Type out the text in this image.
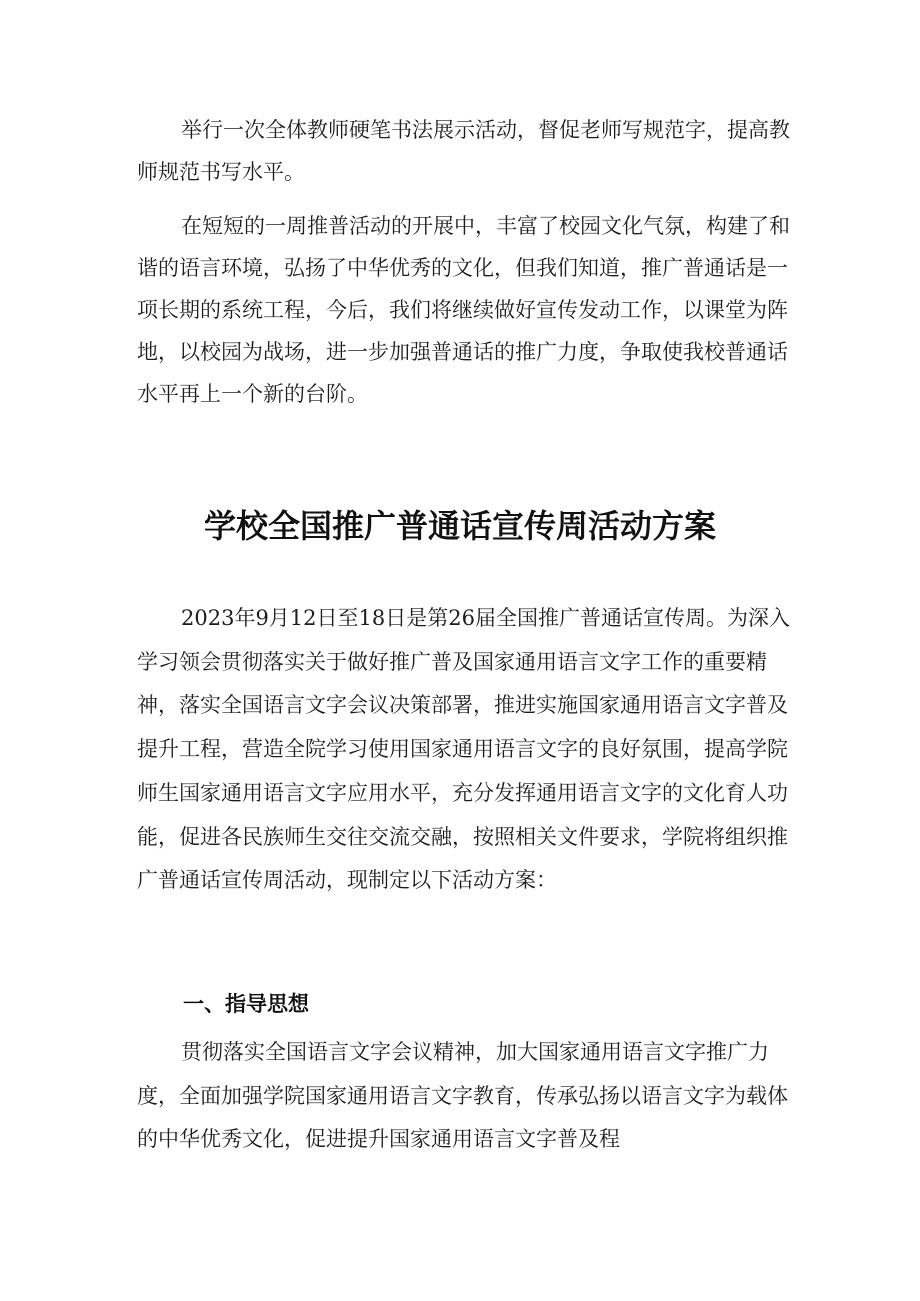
举行一次全体教师硬笔书法展示活动，督促老师写规范字，提高教师规范书写水平。

在短短的一周推普活动的开展中，丰富了校园文化气氛，构建了和谐的语言环境，弘扬了中华优秀的文化，但我们知道，推广普通话是一项长期的系统工程，今后，我们将继续做好宣传发动工作，以课堂为阵地，以校园为战场，进一步加强普通话的推广力度，争取使我校普通话水平再上一个新的台阶。

学校全国推广普通话宣传周活动方案

2023年9月12日至18日是第26届全国推广普通话宣传周。为深入学习领会贯彻落实关于做好推广普及国家通用语言文字工作的重要精神，落实全国语言文字会议决策部署，推进实施国家通用语言文字普及提升工程，营造全院学习使用国家通用语言文字的良好氛围，提高学院师生国家通用语言文字应用水平，充分发挥通用语言文字的文化育人功能，促进各民族师生交往交流交融，按照相关文件要求，学院将组织推广普通话宣传周活动，现制定以下活动方案：

一、指导思想

贯彻落实全国语言文字会议精神，加大国家通用语言文字推广力度，全面加强学院国家通用语言文字教育，传承弘扬以语言文字为载体的中华优秀文化，促进提升国家通用语言文字普及程
